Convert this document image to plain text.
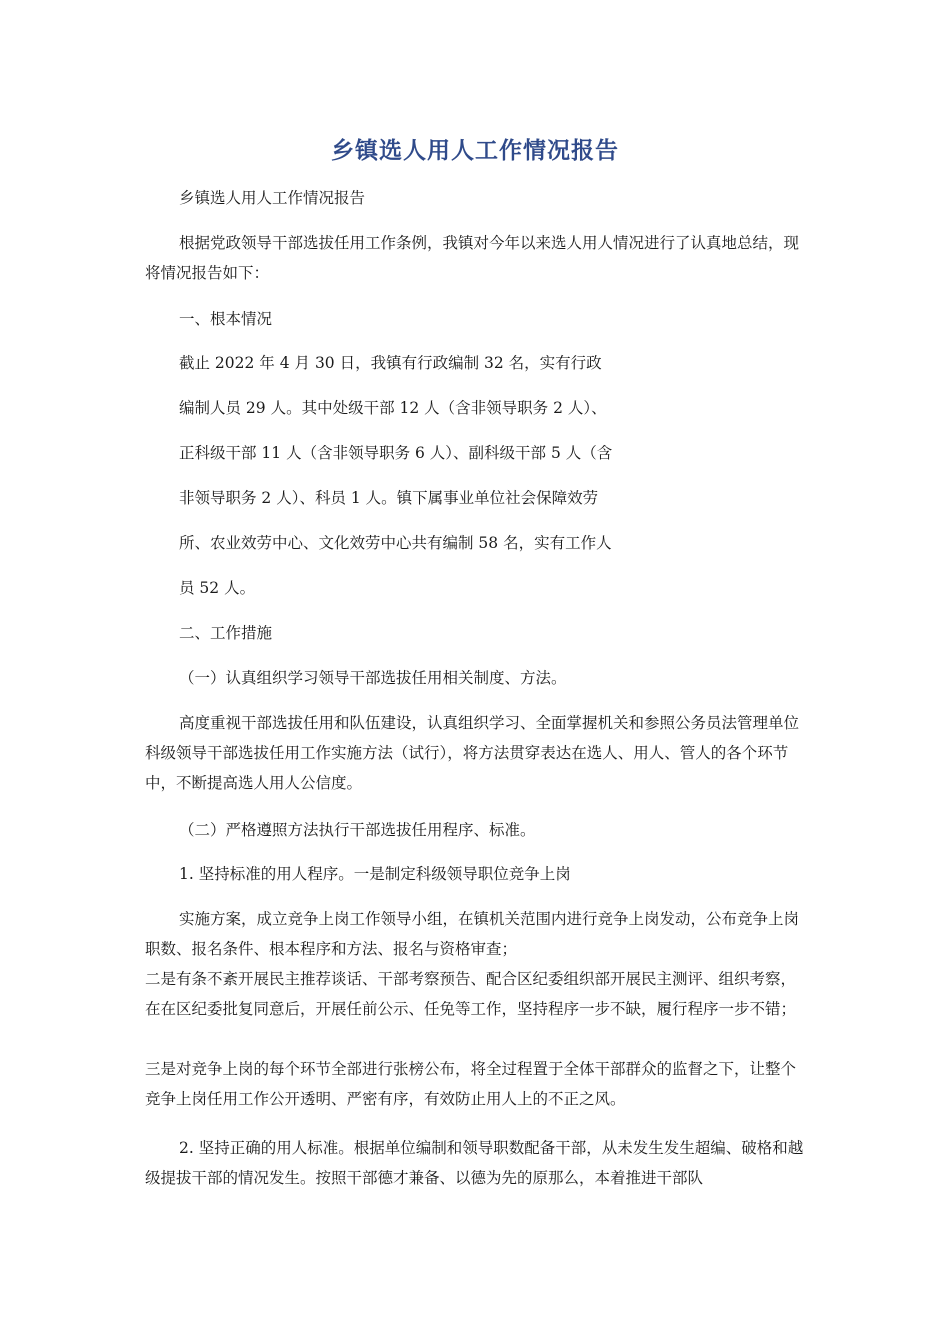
乡镇选人用人工作情况报告

乡镇选人用人工作情况报告

根据党政领导干部选拔任用工作条例，我镇对今年以来选人用人情况进行了认真地总结，现将情况报告如下：

一、根本情况

截止 2022 年 4 月 30 日，我镇有行政编制 32 名，实有行政

编制人员 29 人。其中处级干部 12 人（含非领导职务 2 人）、

正科级干部 11 人（含非领导职务 6 人）、副科级干部 5 人（含

非领导职务 2 人）、科员 1 人。镇下属事业单位社会保障效劳

所、农业效劳中心、文化效劳中心共有编制 58 名，实有工作人

员 52 人。

二、工作措施

（一）认真组织学习领导干部选拔任用相关制度、方法。

高度重视干部选拔任用和队伍建设，认真组织学习、全面掌握机关和参照公务员法管理单位科级领导干部选拔任用工作实施方法（试行），将方法贯穿表达在选人、用人、管人的各个环节中，不断提高选人用人公信度。

（二）严格遵照方法执行干部选拔任用程序、标准。

1. 坚持标准的用人程序。一是制定科级领导职位竞争上岗

实施方案，成立竞争上岗工作领导小组，在镇机关范围内进行竞争上岗发动，公布竞争上岗职数、报名条件、根本程序和方法、报名与资格审查；

二是有条不紊开展民主推荐谈话、干部考察预告、配合区纪委组织部开展民主测评、组织考察，在在区纪委批复同意后，开展任前公示、任免等工作，坚持程序一步不缺，履行程序一步不错；

三是对竞争上岗的每个环节全部进行张榜公布，将全过程置于全体干部群众的监督之下，让整个竞争上岗任用工作公开透明、严密有序，有效防止用人上的不正之风。

2. 坚持正确的用人标准。根据单位编制和领导职数配备干部，从未发生发生超编、破格和越级提拔干部的情况发生。按照干部德才兼备、以德为先的原那么，本着推进干部队
